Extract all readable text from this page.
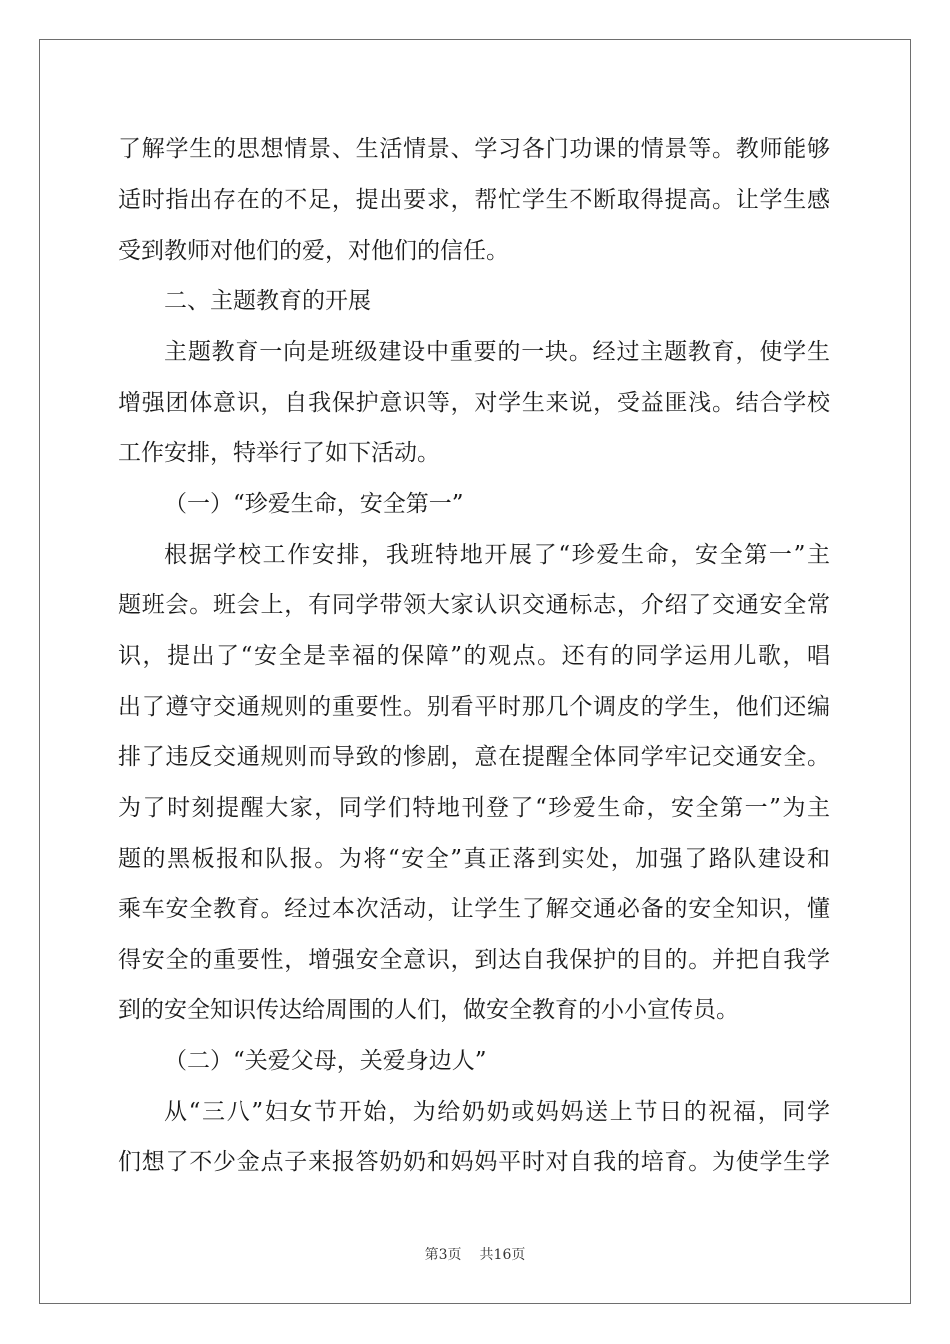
了解学生的思想情景、生活情景、学习各门功课的情景等。教师能够
适时指出存在的不足，提出要求，帮忙学生不断取得提高。让学生感
受到教师对他们的爱，对他们的信任。
二、主题教育的开展
主题教育一向是班级建设中重要的一块。经过主题教育，使学生
增强团体意识，自我保护意识等，对学生来说，受益匪浅。结合学校
工作安排，特举行了如下活动。
（一）“珍爱生命，安全第一”
根据学校工作安排，我班特地开展了“珍爱生命，安全第一”主
题班会。班会上，有同学带领大家认识交通标志，介绍了交通安全常
识，提出了“安全是幸福的保障”的观点。还有的同学运用儿歌，唱
出了遵守交通规则的重要性。别看平时那几个调皮的学生，他们还编
排了违反交通规则而导致的惨剧，意在提醒全体同学牢记交通安全。
为了时刻提醒大家，同学们特地刊登了“珍爱生命，安全第一”为主
题的黑板报和队报。为将“安全”真正落到实处，加强了路队建设和
乘车安全教育。经过本次活动，让学生了解交通必备的安全知识，懂
得安全的重要性，增强安全意识，到达自我保护的目的。并把自我学
到的安全知识传达给周围的人们，做安全教育的小小宣传员。
（二）“关爱父母，关爱身边人”
从“三八”妇女节开始，为给奶奶或妈妈送上节日的祝福，同学
们想了不少金点子来报答奶奶和妈妈平时对自我的培育。为使学生学
第3页 共16页
